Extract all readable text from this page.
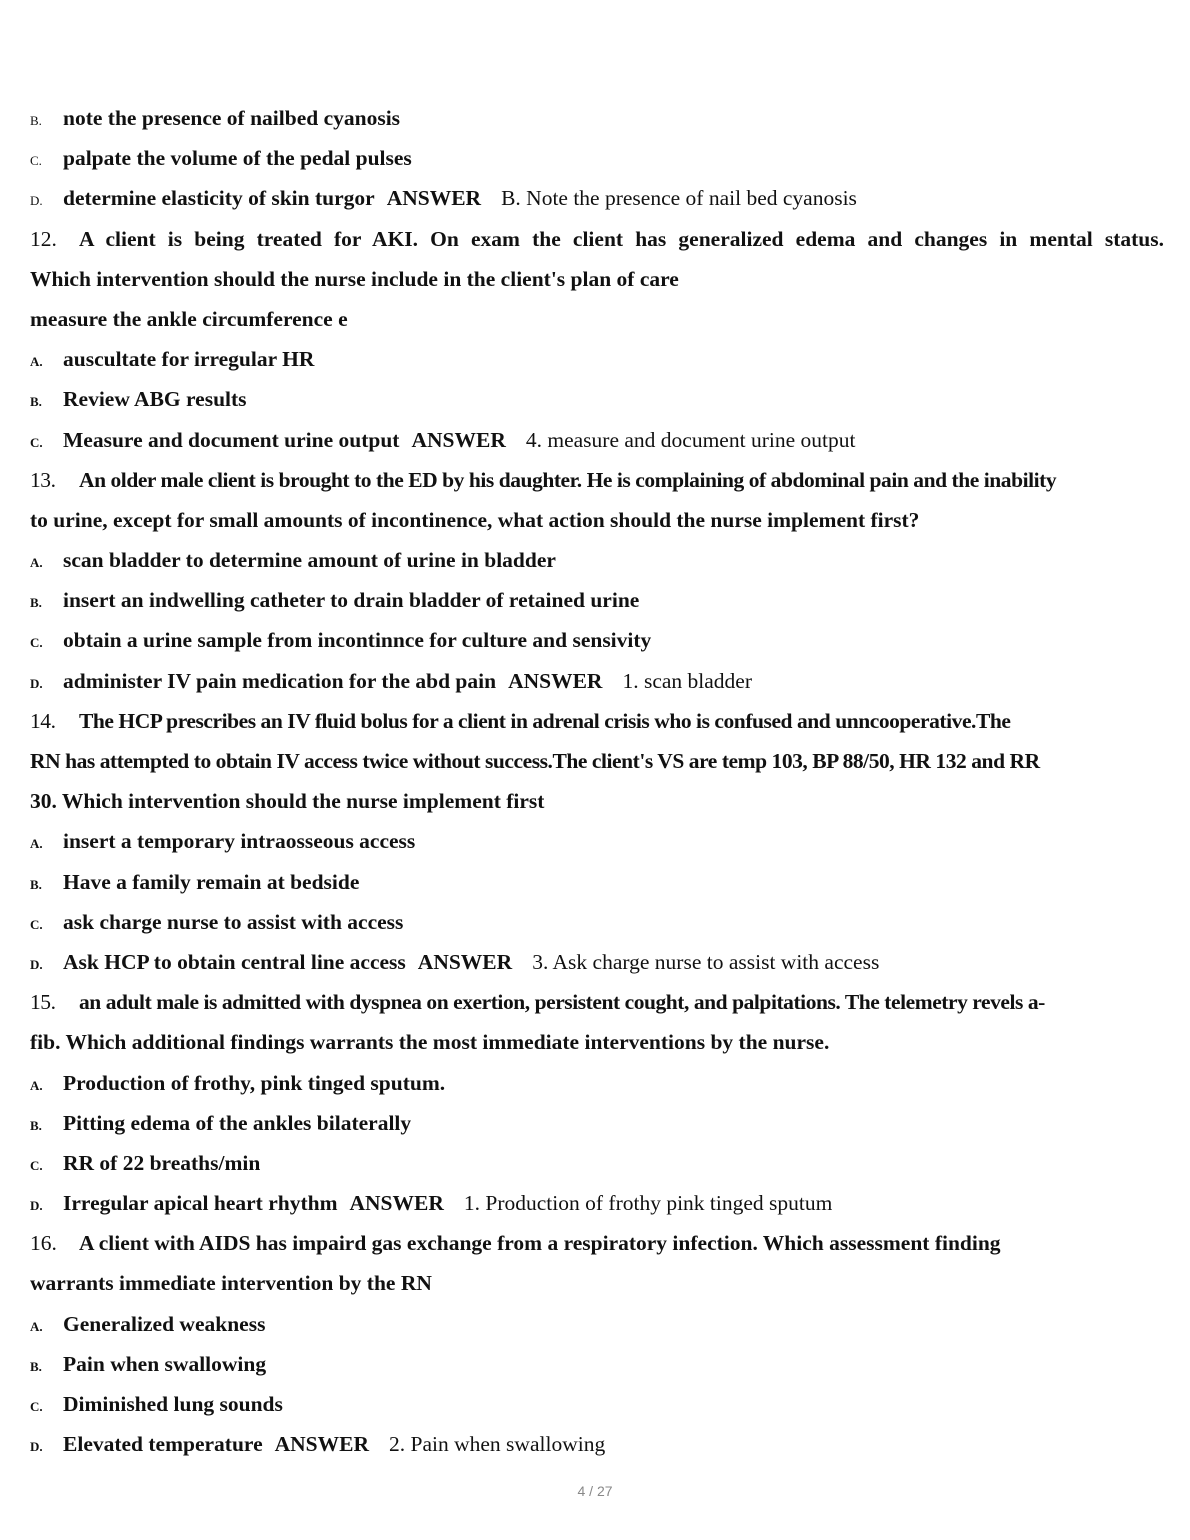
B. note the presence of nailbed cyanosis
C. palpate the volume of the pedal pulses
D. determine elasticity of skin turgor ANSWER B. Note the presence of nail bed cyanosis
12. A client is being treated for AKI. On exam the client has generalized edema and changes in mental status.
Which intervention should the nurse include in the client's plan of care
measure the ankle circumference e
A. auscultate for irregular HR
B. Review ABG results
C. Measure and document urine output ANSWER 4. measure and document urine output
13. An older male client is brought to the ED by his daughter. He is complaining of abdominal pain and the inability
to urine, except for small amounts of incontinence, what action should the nurse implement first?
A. scan bladder to determine amount of urine in bladder
B. insert an indwelling catheter to drain bladder of retained urine
C. obtain a urine sample from incontinnce for culture and sensivity
D. administer IV pain medication for the abd pain ANSWER 1. scan bladder
14. The HCP prescribes an IV fluid bolus for a client in adrenal crisis who is confused and unncooperative.The
RN has attempted to obtain IV access twice without success.The client's VS are temp 103, BP 88/50, HR 132 and RR
30. Which intervention should the nurse implement first
A. insert a temporary intraosseous access
B. Have a family remain at bedside
C. ask charge nurse to assist with access
D. Ask HCP to obtain central line access ANSWER 3. Ask charge nurse to assist with access
15. an adult male is admitted with dyspnea on exertion, persistent cought, and palpitations. The telemetry revels a-
fib. Which additional findings warrants the most immediate interventions by the nurse.
A. Production of frothy, pink tinged sputum.
B. Pitting edema of the ankles bilaterally
C. RR of 22 breaths/min
D. Irregular apical heart rhythm ANSWER 1. Production of frothy pink tinged sputum
16. A client with AIDS has impaird gas exchange from a respiratory infection. Which assessment finding
warrants immediate intervention by the RN
A. Generalized weakness
B. Pain when swallowing
C. Diminished lung sounds
D. Elevated temperature ANSWER 2. Pain when swallowing
4 / 27
